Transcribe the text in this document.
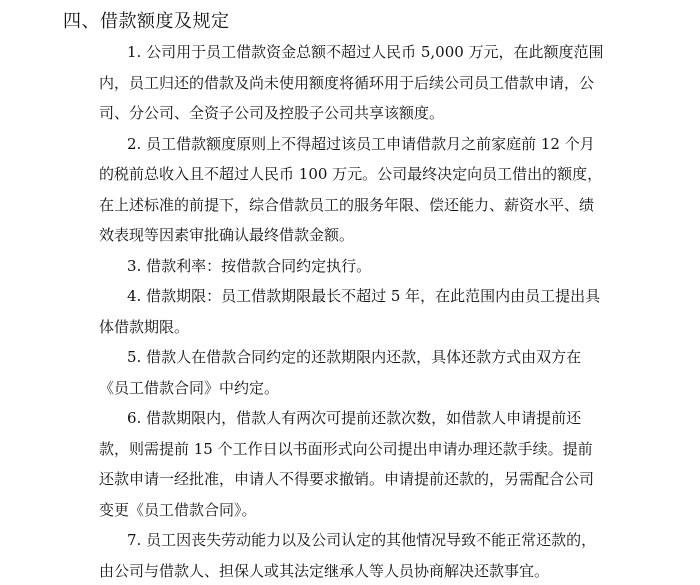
四、借款额度及规定
1. 公司用于员工借款资金总额不超过人民币 5,000 万元，在此额度范围
内，员工归还的借款及尚未使用额度将循环用于后续公司员工借款申请，公
司、分公司、全资子公司及控股子公司共享该额度。
2. 员工借款额度原则上不得超过该员工申请借款月之前家庭前 12 个月
的税前总收入且不超过人民币 100 万元。公司最终决定向员工借出的额度，
在上述标准的前提下，综合借款员工的服务年限、偿还能力、薪资水平、绩
效表现等因素审批确认最终借款金额。
3. 借款利率：按借款合同约定执行。
4. 借款期限：员工借款期限最长不超过 5 年，在此范围内由员工提出具
体借款期限。
5. 借款人在借款合同约定的还款期限内还款，具体还款方式由双方在
《员工借款合同》中约定。
6. 借款期限内，借款人有两次可提前还款次数，如借款人申请提前还
款，则需提前 15 个工作日以书面形式向公司提出申请办理还款手续。提前
还款申请一经批准，申请人不得要求撤销。申请提前还款的，另需配合公司
变更《员工借款合同》。
7. 员工因丧失劳动能力以及公司认定的其他情况导致不能正常还款的，
由公司与借款人、担保人或其法定继承人等人员协商解决还款事宜。
